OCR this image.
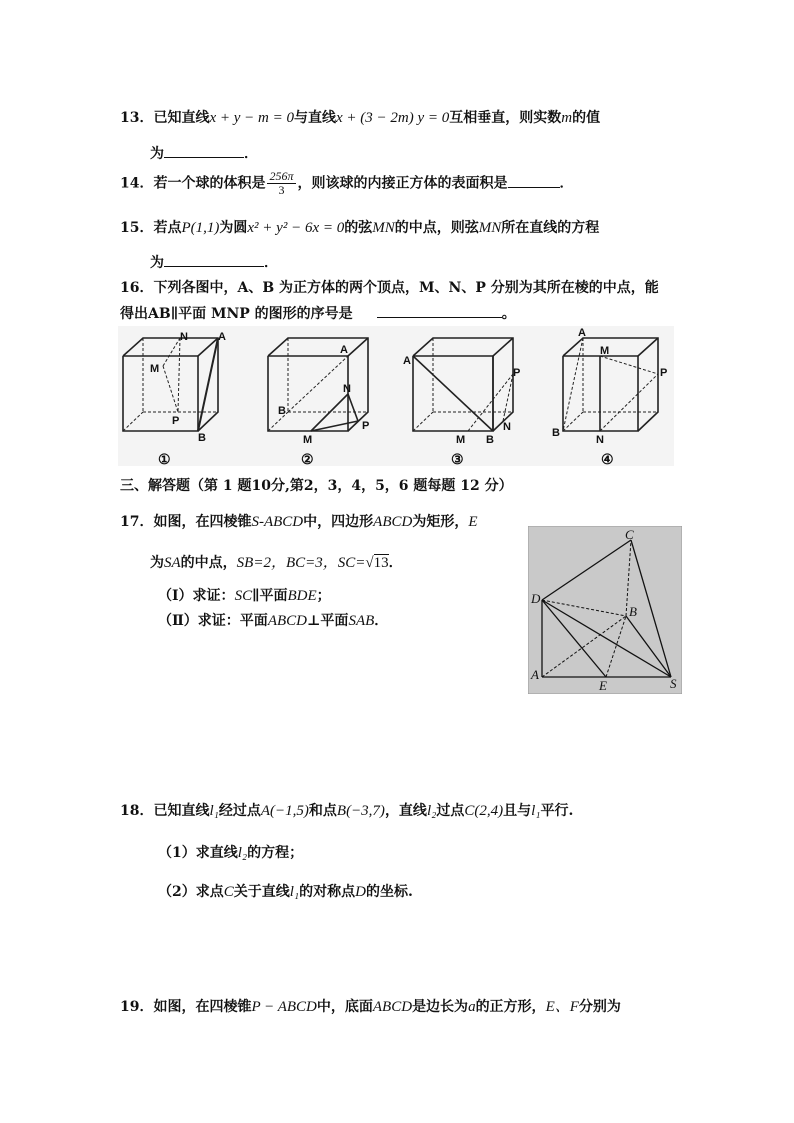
13．已知直线x + y − m = 0与直线x + (3 − 2m) y = 0互相垂直，则实数m的值
为	．
14．若一个球的体积是 $\frac{256\pi}{3}$ ，则该球的内接正方体的表面积是	．
15．若点P(1,1)为圆x² + y² − 6x = 0的弦MN的中点，则弦MN所在直线的方程
为	．
16．下列各图中，A、B 为正方体的两个顶点，M、N、P 分别为其所在棱的中点，能
得出AB∥平面 MNP 的图形的序号是	。
A
N
M
P
B
①
A
B
N
M
P
②
A
P
M B
N
③
A
M
P
B
N
④
三、解答题（第 1 题10分,第2，3，4，5，6 题每题 12 分）
17．如图，在四棱锥S-ABCD中，四边形ABCD为矩形，E
为SA的中点，SB=2，BC=3，SC=√13．
（Ⅰ）求证：SC∥平面BDE；
（Ⅱ）求证：平面ABCD⊥平面SAB．
C
D
B
A
E	S
18．已知直线l₁经过点A(−1,5)和点B(−3,7)，直线l₂过点C(2,4)且与l₁平行.
（1）求直线l₂的方程；
（2）求点C关于直线l₁的对称点D的坐标.
19．如图，在四棱锥P − ABCD中，底面ABCD是边长为a的正方形，E、F分别为
